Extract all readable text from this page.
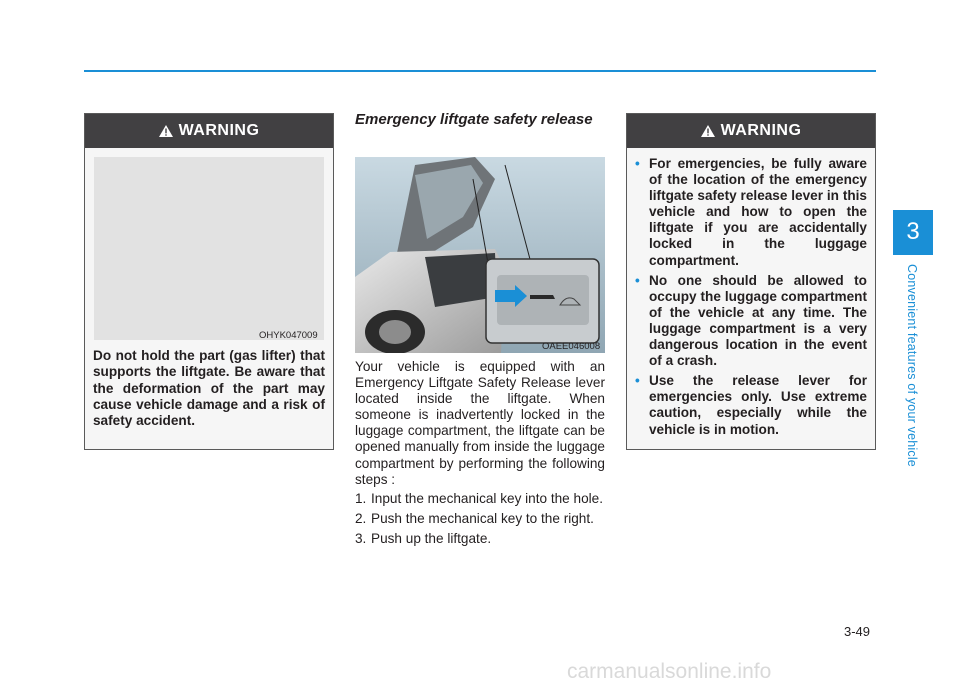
WARNING
OHYK047009
Do not hold the part (gas lifter) that supports the liftgate. Be aware that the deformation of the part may cause vehicle damage and a risk of safety accident.
Emergency liftgate safety release
OAEE046008
Your vehicle is equipped with an Emergency Liftgate Safety Release lever located inside the liftgate. When someone is inadvertently locked in the luggage compartment, the liftgate can be opened manually from inside the luggage compartment by performing the following steps :
1. Input the mechanical key into the hole.
2. Push the mechanical key to the right.
3. Push up the liftgate.
WARNING
• For emergencies, be fully aware of the location of the emergency liftgate safety release lever in this vehicle and how to open the liftgate if you are accidentally locked in the luggage compartment.
• No one should be allowed to occupy the luggage compartment of the vehicle at any time. The luggage compartment is a very dangerous location in the event of a crash.
• Use the release lever for emergencies only. Use extreme caution, especially while the vehicle is in motion.
3
Convenient features of your vehicle
3-49
carmanualsonline.info
